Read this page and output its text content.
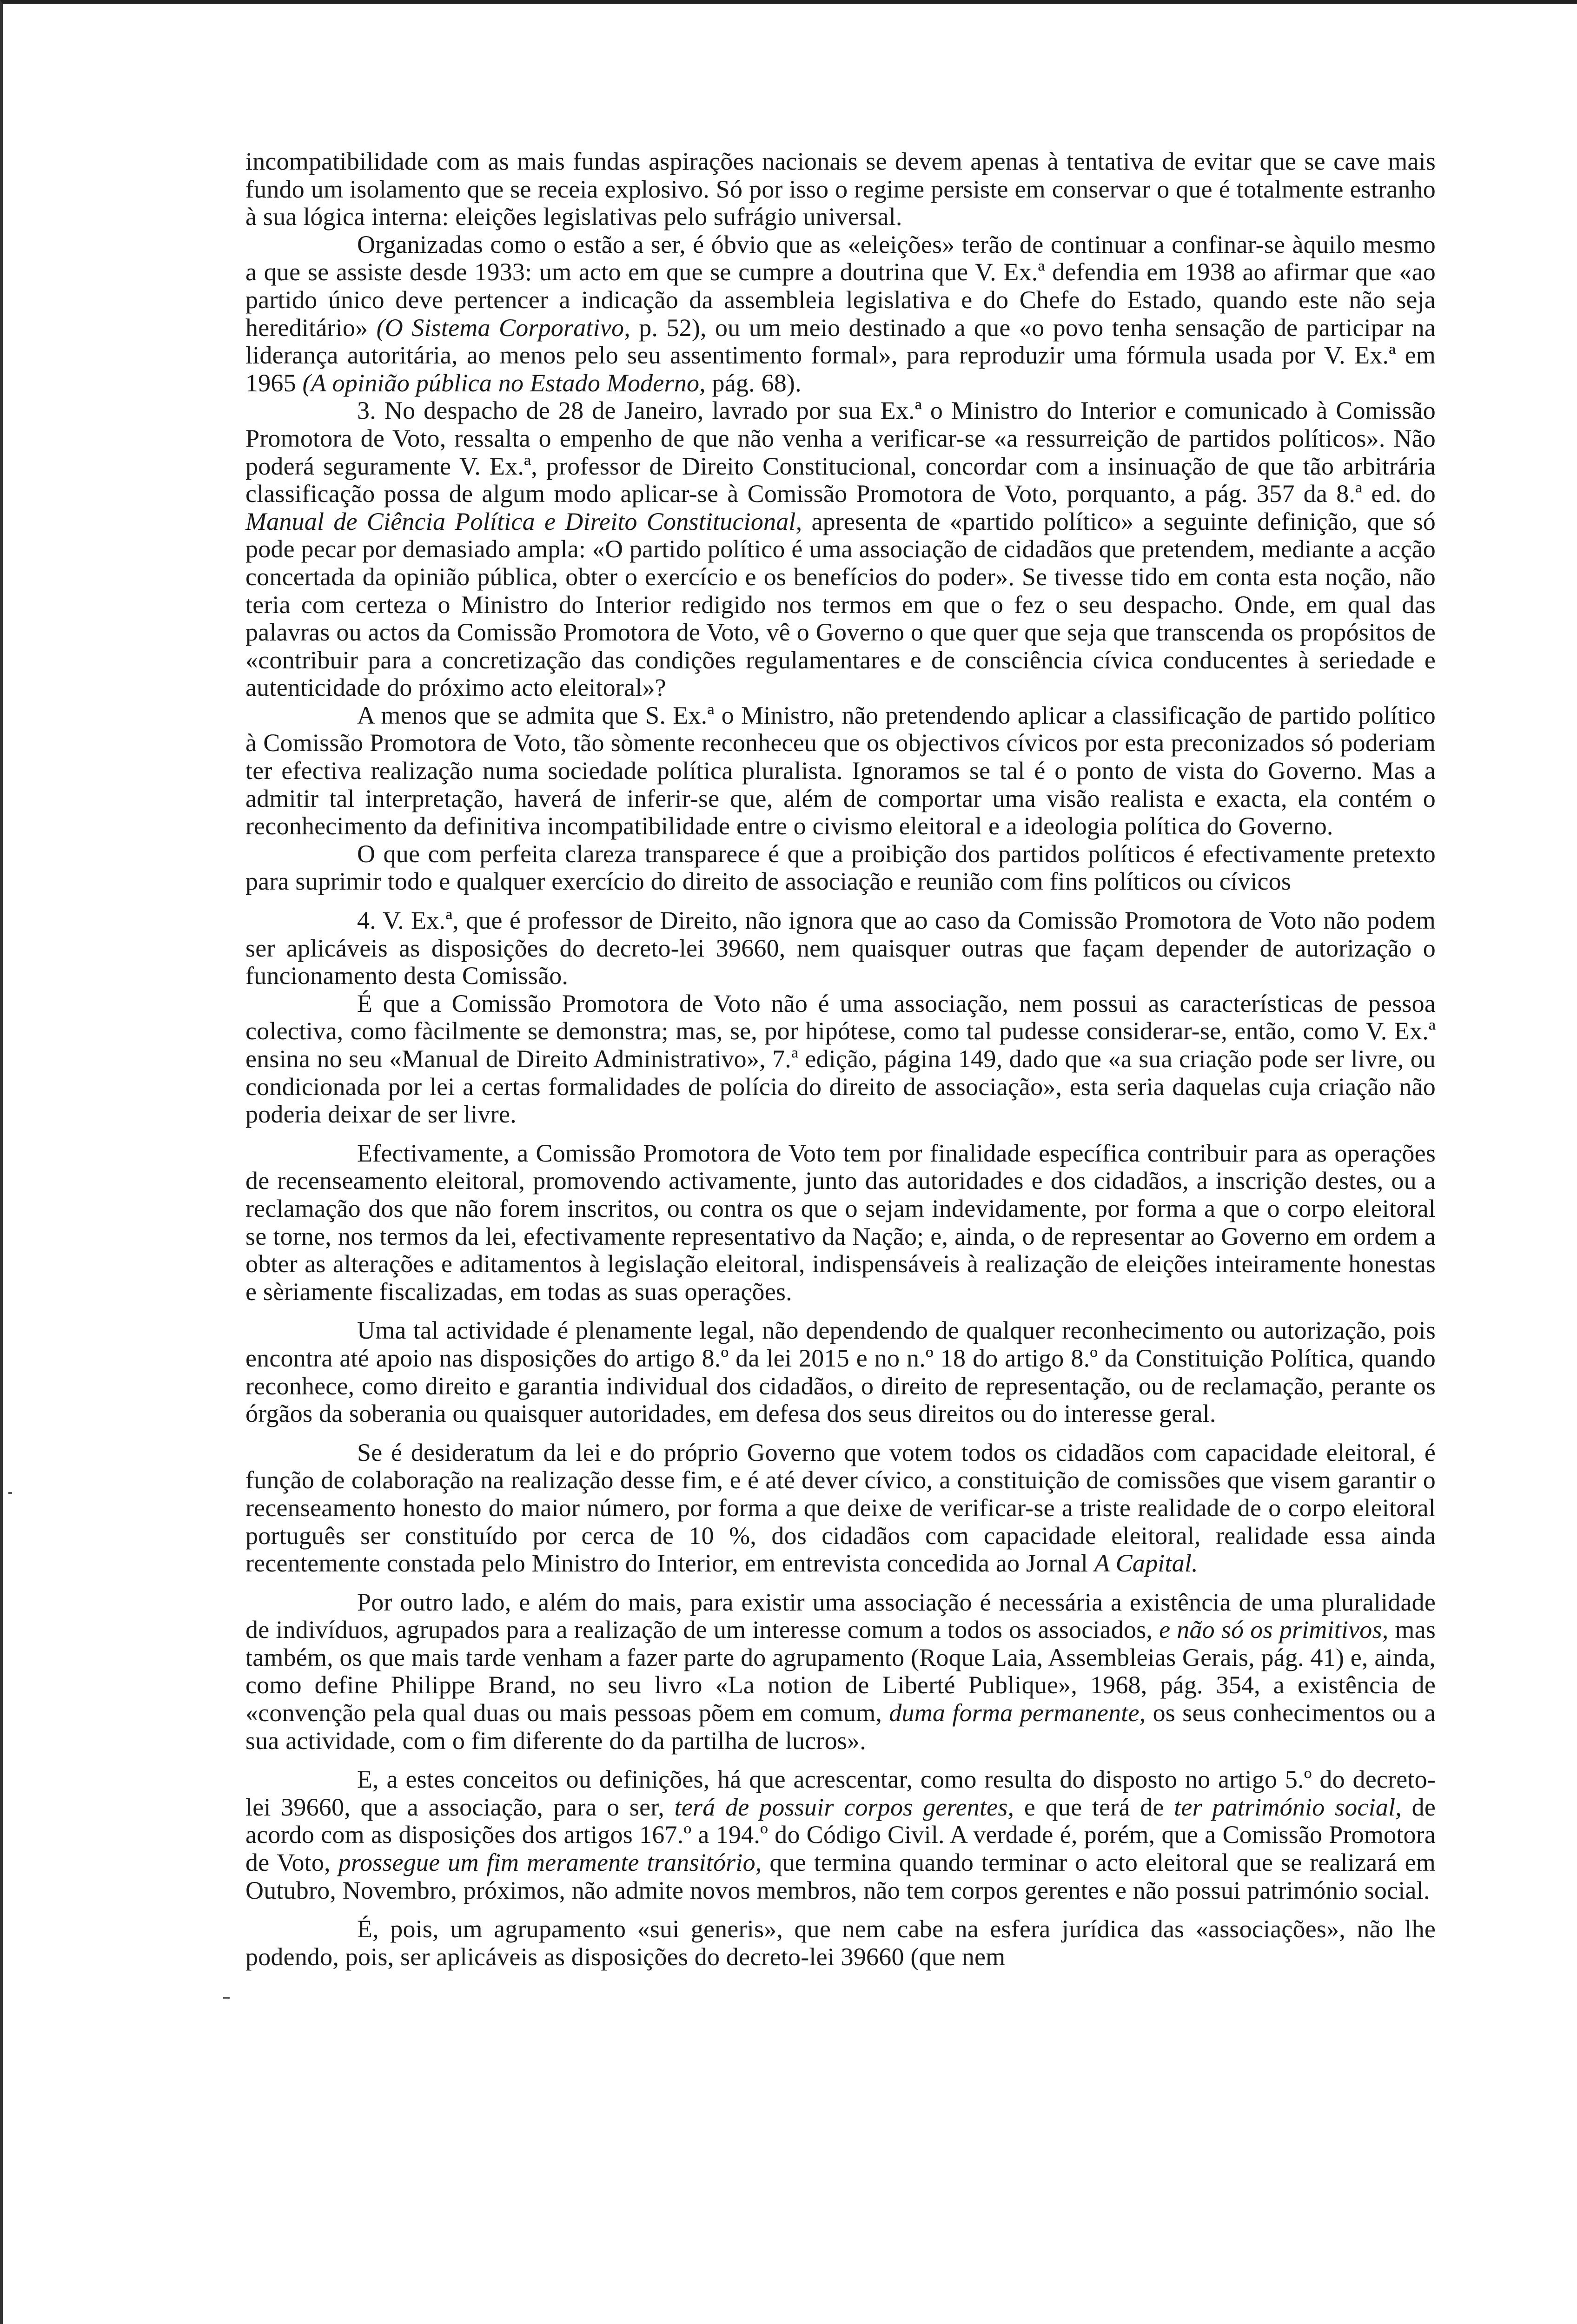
incompatibilidade com as mais fundas aspirações nacionais se devem apenas à tentativa de evitar que se cave mais fundo um isolamento que se receia explosivo. Só por isso o regime persiste em conservar o que é totalmente estranho à sua lógica interna: eleições legislativas pelo sufrágio universal.

Organizadas como o estão a ser, é óbvio que as «eleições» terão de continuar a confinar-se àquilo mesmo a que se assiste desde 1933: um acto em que se cumpre a doutrina que V. Ex.ª defendia em 1938 ao afirmar que «ao partido único deve pertencer a indicação da assembleia legislativa e do Chefe do Estado, quando este não seja hereditário» (O Sistema Corporativo, p. 52), ou um meio destinado a que «o povo tenha sensação de participar na liderança autoritária, ao menos pelo seu assentimento formal», para reproduzir uma fórmula usada por V. Ex.ª em 1965 (A opinião pública no Estado Moderno, pág. 68).

3. No despacho de 28 de Janeiro, lavrado por sua Ex.ª o Ministro do Interior e comunicado à Comissão Promotora de Voto, ressalta o empenho de que não venha a verificar-se «a ressurreição de partidos políticos». Não poderá seguramente V. Ex.ª, professor de Direito Constitucional, concordar com a insinuação de que tão arbitrária classificação possa de algum modo aplicar-se à Comissão Promotora de Voto, porquanto, a pág. 357 da 8.ª ed. do Manual de Ciência Política e Direito Constitucional, apresenta de «partido político» a seguinte definição, que só pode pecar por demasiado ampla: «O partido político é uma associação de cidadãos que pretendem, mediante a acção concertada da opinião pública, obter o exercício e os benefícios do poder». Se tivesse tido em conta esta noção, não teria com certeza o Ministro do Interior redigido nos termos em que o fez o seu despacho. Onde, em qual das palavras ou actos da Comissão Promotora de Voto, vê o Governo o que quer que seja que transcenda os propósitos de «contribuir para a concretização das condições regulamentares e de consciência cívica conducentes à seriedade e autenticidade do próximo acto eleitoral»?

A menos que se admita que S. Ex.ª o Ministro, não pretendendo aplicar a classificação de partido político à Comissão Promotora de Voto, tão sòmente reconheceu que os objectivos cívicos por esta preconizados só poderiam ter efectiva realização numa sociedade política pluralista. Ignoramos se tal é o ponto de vista do Governo. Mas a admitir tal interpretação, haverá de inferir-se que, além de comportar uma visão realista e exacta, ela contém o reconhecimento da definitiva incompatibilidade entre o civismo eleitoral e a ideologia política do Governo.

O que com perfeita clareza transparece é que a proibição dos partidos políticos é efectivamente pretexto para suprimir todo e qualquer exercício do direito de associação e reunião com fins políticos ou cívicos

4. V. Ex.ª, que é professor de Direito, não ignora que ao caso da Comissão Promotora de Voto não podem ser aplicáveis as disposições do decreto-lei 39660, nem quaisquer outras que façam depender de autorização o funcionamento desta Comissão.

É que a Comissão Promotora de Voto não é uma associação, nem possui as características de pessoa colectiva, como fàcilmente se demonstra; mas, se, por hipótese, como tal pudesse considerar-se, então, como V. Ex.ª ensina no seu «Manual de Direito Administrativo», 7.ª edição, página 149, dado que «a sua criação pode ser livre, ou condicionada por lei a certas formalidades de polícia do direito de associação», esta seria daquelas cuja criação não poderia deixar de ser livre.

Efectivamente, a Comissão Promotora de Voto tem por finalidade específica contribuir para as operações de recenseamento eleitoral, promovendo activamente, junto das autoridades e dos cidadãos, a inscrição destes, ou a reclamação dos que não forem inscritos, ou contra os que o sejam indevidamente, por forma a que o corpo eleitoral se torne, nos termos da lei, efectivamente representativo da Nação; e, ainda, o de representar ao Governo em ordem a obter as alterações e aditamentos à legislação eleitoral, indispensáveis à realização de eleições inteiramente honestas e sèriamente fiscalizadas, em todas as suas operações.

Uma tal actividade é plenamente legal, não dependendo de qualquer reconhecimento ou autorização, pois encontra até apoio nas disposições do artigo 8.º da lei 2015 e no n.º 18 do artigo 8.º da Constituição Política, quando reconhece, como direito e garantia individual dos cidadãos, o direito de representação, ou de reclamação, perante os órgãos da soberania ou quaisquer autoridades, em defesa dos seus direitos ou do interesse geral.

Se é desideratum da lei e do próprio Governo que votem todos os cidadãos com capacidade eleitoral, é função de colaboração na realização desse fim, e é até dever cívico, a constituição de comissões que visem garantir o recenseamento honesto do maior número, por forma a que deixe de verificar-se a triste realidade de o corpo eleitoral português ser constituído por cerca de 10 %, dos cidadãos com capacidade eleitoral, realidade essa ainda recentemente constada pelo Ministro do Interior, em entrevista concedida ao Jornal A Capital.

Por outro lado, e além do mais, para existir uma associação é necessária a existência de uma pluralidade de indivíduos, agrupados para a realização de um interesse comum a todos os associados, e não só os primitivos, mas também, os que mais tarde venham a fazer parte do agrupamento (Roque Laia, Assembleias Gerais, pág. 41) e, ainda, como define Philippe Brand, no seu livro «La notion de Liberté Publique», 1968, pág. 354, a existência de «convenção pela qual duas ou mais pessoas põem em comum, duma forma permanente, os seus conhecimentos ou a sua actividade, com o fim diferente do da partilha de lucros».

E, a estes conceitos ou definições, há que acrescentar, como resulta do disposto no artigo 5.º do decreto-lei 39660, que a associação, para o ser, terá de possuir corpos gerentes, e que terá de ter património social, de acordo com as disposições dos artigos 167.º a 194.º do Código Civil. A verdade é, porém, que a Comissão Promotora de Voto, prossegue um fim meramente transitório, que termina quando terminar o acto eleitoral que se realizará em Outubro, Novembro, próximos, não admite novos membros, não tem corpos gerentes e não possui património social.

É, pois, um agrupamento «sui generis», que nem cabe na esfera jurídica das «associações», não lhe podendo, pois, ser aplicáveis as disposições do decreto-lei 39660 (que nem
